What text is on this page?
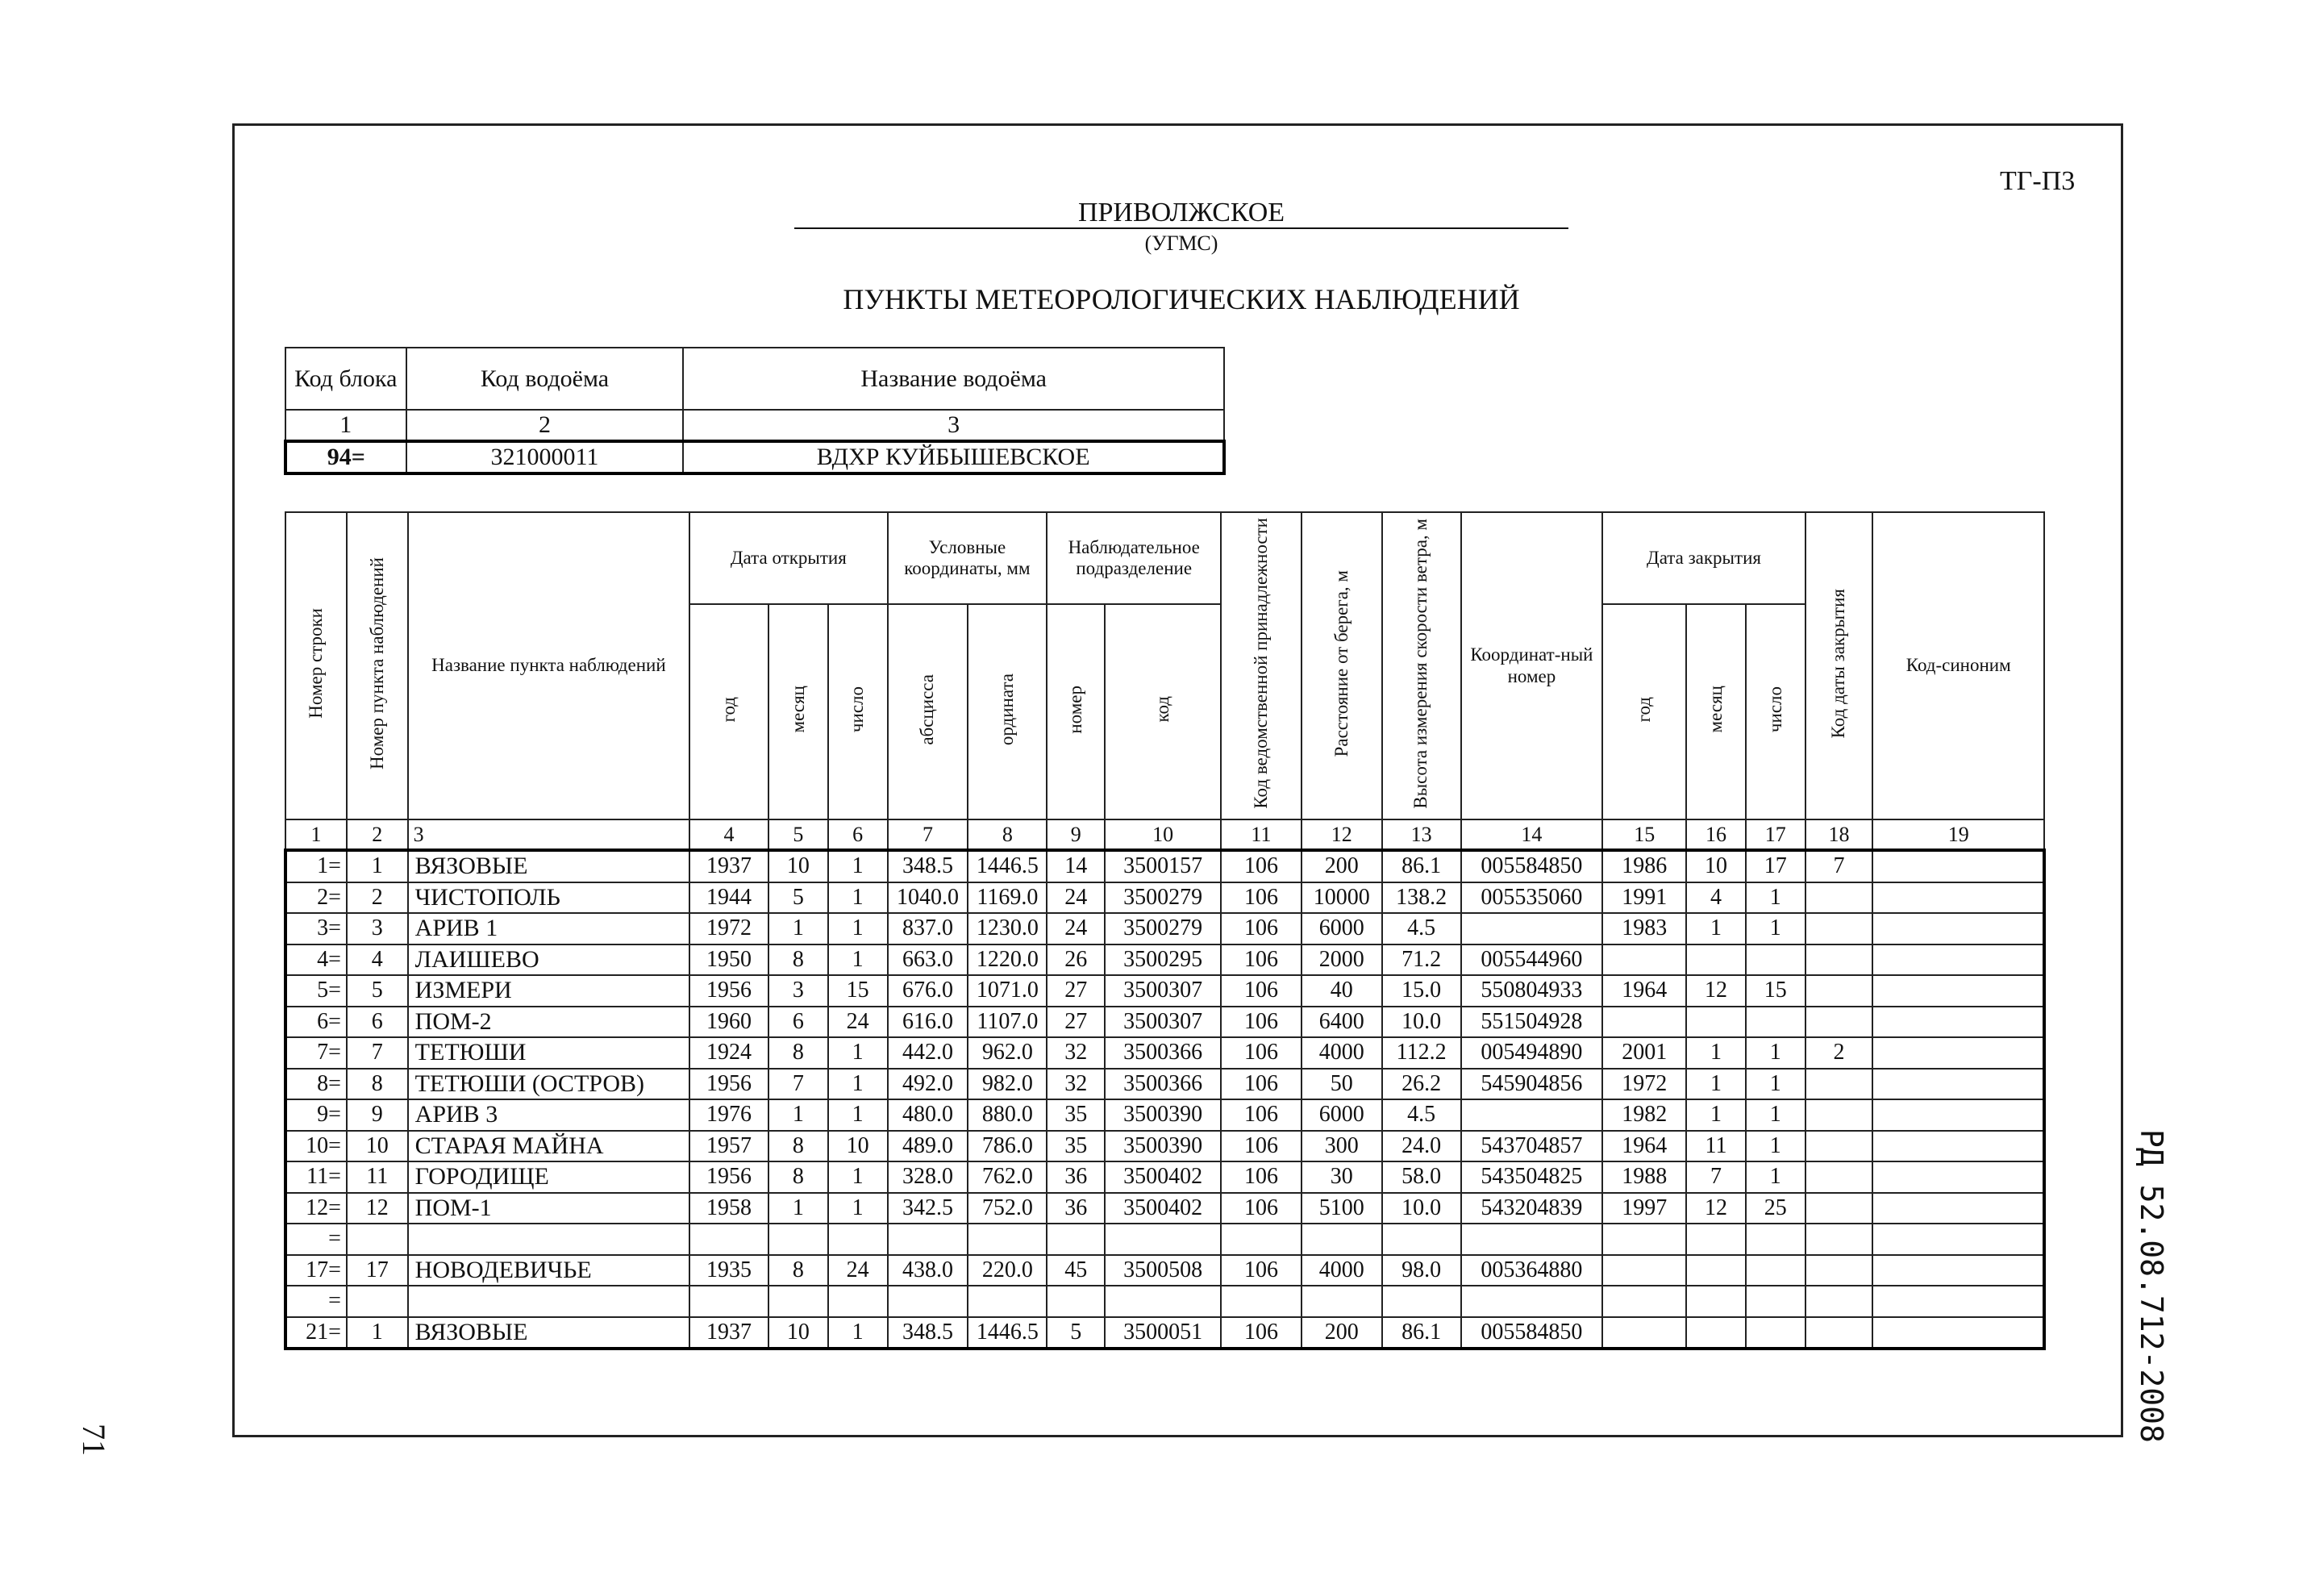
ТГ-П3
ПРИВОЛЖСКОЕ
(УГМС)
ПУНКТЫ МЕТЕОРОЛОГИЧЕСКИХ НАБЛЮДЕНИЙ
РД 52.08.712-2008
71
Код блока	Код водоёма	Название водоёма
1	2	3
94=	321000011	ВДХР КУЙБЫШЕВСКОЕ
Номер строки	Номер пункта наблюдений	Название пункта наблюдений	Дата открытия			Условные координаты, мм		Наблюдательное подразделение		Код ведомственной принадлежности	Расстояние от берега, м	Высота измерения скорости ветра, м	Координат-ный номер	Дата закрытия			Код даты закрытия	Код-синоним
			год	месяц	число	абсцисса	ордината	номер	код					год	месяц	число		
1	2	3	4	5	6	7	8	9	10	11	12	13	14	15	16	17	18	19
1=	1	ВЯЗОВЫЕ	1937	10	1	348.5	1446.5	14	3500157	106	200	86.1	005584850	1986	10	17	7	
2=	2	ЧИСТОПОЛЬ	1944	5	1	1040.0	1169.0	24	3500279	106	10000	138.2	005535060	1991	4	1		
3=	3	АРИВ 1	1972	1	1	837.0	1230.0	24	3500279	106	6000	4.5		1983	1	1		
4=	4	ЛАИШЕВО	1950	8	1	663.0	1220.0	26	3500295	106	2000	71.2	005544960					
5=	5	ИЗМЕРИ	1956	3	15	676.0	1071.0	27	3500307	106	40	15.0	550804933	1964	12	15		
6=	6	ПОМ-2	1960	6	24	616.0	1107.0	27	3500307	106	6400	10.0	551504928					
7=	7	ТЕТЮШИ	1924	8	1	442.0	962.0	32	3500366	106	4000	112.2	005494890	2001	1	1	2	
8=	8	ТЕТЮШИ (ОСТРОВ)	1956	7	1	492.0	982.0	32	3500366	106	50	26.2	545904856	1972	1	1		
9=	9	АРИВ 3	1976	1	1	480.0	880.0	35	3500390	106	6000	4.5		1982	1	1		
10=	10	СТАРАЯ МАЙНА	1957	8	10	489.0	786.0	35	3500390	106	300	24.0	543704857	1964	11	1		
11=	11	ГОРОДИЩЕ	1956	8	1	328.0	762.0	36	3500402	106	30	58.0	543504825	1988	7	1		
12=	12	ПОМ-1	1958	1	1	342.5	752.0	36	3500402	106	5100	10.0	543204839	1997	12	25		
=																		
17=	17	НОВОДЕВИЧЬЕ	1935	8	24	438.0	220.0	45	3500508	106	4000	98.0	005364880					
=																		
21=	1	ВЯЗОВЫЕ	1937	10	1	348.5	1446.5	5	3500051	106	200	86.1	005584850					
